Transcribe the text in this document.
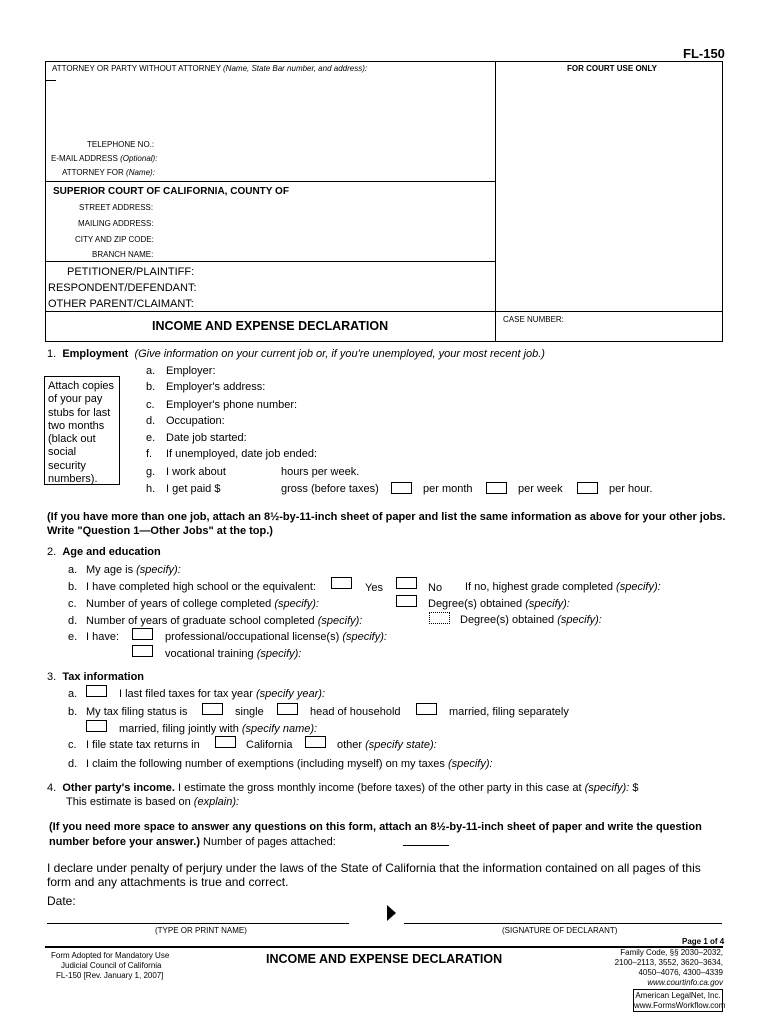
FL-150
ATTORNEY OR PARTY WITHOUT ATTORNEY (Name, State Bar number, and address):	FOR COURT USE ONLY
TELEPHONE NO.:
E-MAIL ADDRESS (Optional):
ATTORNEY FOR (Name):
SUPERIOR COURT OF CALIFORNIA, COUNTY OF
STREET ADDRESS:
MAILING ADDRESS:
CITY AND ZIP CODE:
BRANCH NAME:
PETITIONER/PLAINTIFF:
RESPONDENT/DEFENDANT:
OTHER PARENT/CLAIMANT:
INCOME AND EXPENSE DECLARATION	CASE NUMBER:
1. Employment (Give information on your current job or, if you're unemployed, your most recent job.)
Attach copies of your pay stubs for last two months (black out social security numbers).
a. Employer:
b. Employer's address:
c. Employer's phone number:
d. Occupation:
e. Date job started:
f. If unemployed, date job ended:
g. I work about	hours per week.
h. I get paid $	gross (before taxes)	per month	per week	per hour.
(If you have more than one job, attach an 8½-by-11-inch sheet of paper and list the same information as above for your other jobs. Write "Question 1—Other Jobs" at the top.)
2. Age and education
a. My age is (specify):
b. I have completed high school or the equivalent:	Yes	No If no, highest grade completed (specify):
c. Number of years of college completed (specify):	Degree(s) obtained (specify):
d. Number of years of graduate school completed (specify):	Degree(s) obtained (specify):
e. I have:	professional/occupational license(s) (specify):
vocational training (specify):
3. Tax information
a.	I last filed taxes for tax year (specify year):
b. My tax filing status is	single	head of household	married, filing separately
married, filing jointly with (specify name):
c. I file state tax returns in	California	other (specify state):
d. I claim the following number of exemptions (including myself) on my taxes (specify):
4. Other party's income. I estimate the gross monthly income (before taxes) of the other party in this case at (specify): $
This estimate is based on (explain):
(If you need more space to answer any questions on this form, attach an 8½-by-11-inch sheet of paper and write the question number before your answer.) Number of pages attached:
I declare under penalty of perjury under the laws of the State of California that the information contained on all pages of this form and any attachments is true and correct.
Date:
(TYPE OR PRINT NAME)	(SIGNATURE OF DECLARANT)
Page 1 of 4
Form Adopted for Mandatory Use
Judicial Council of California
FL-150 [Rev. January 1, 2007]
INCOME AND EXPENSE DECLARATION	Family Code, §§ 2030–2032,
2100–2113, 3552, 3620–3634,
4050–4076, 4300–4339
www.courtinfo.ca.gov
American LegalNet, Inc.
www.FormsWorkflow.com
